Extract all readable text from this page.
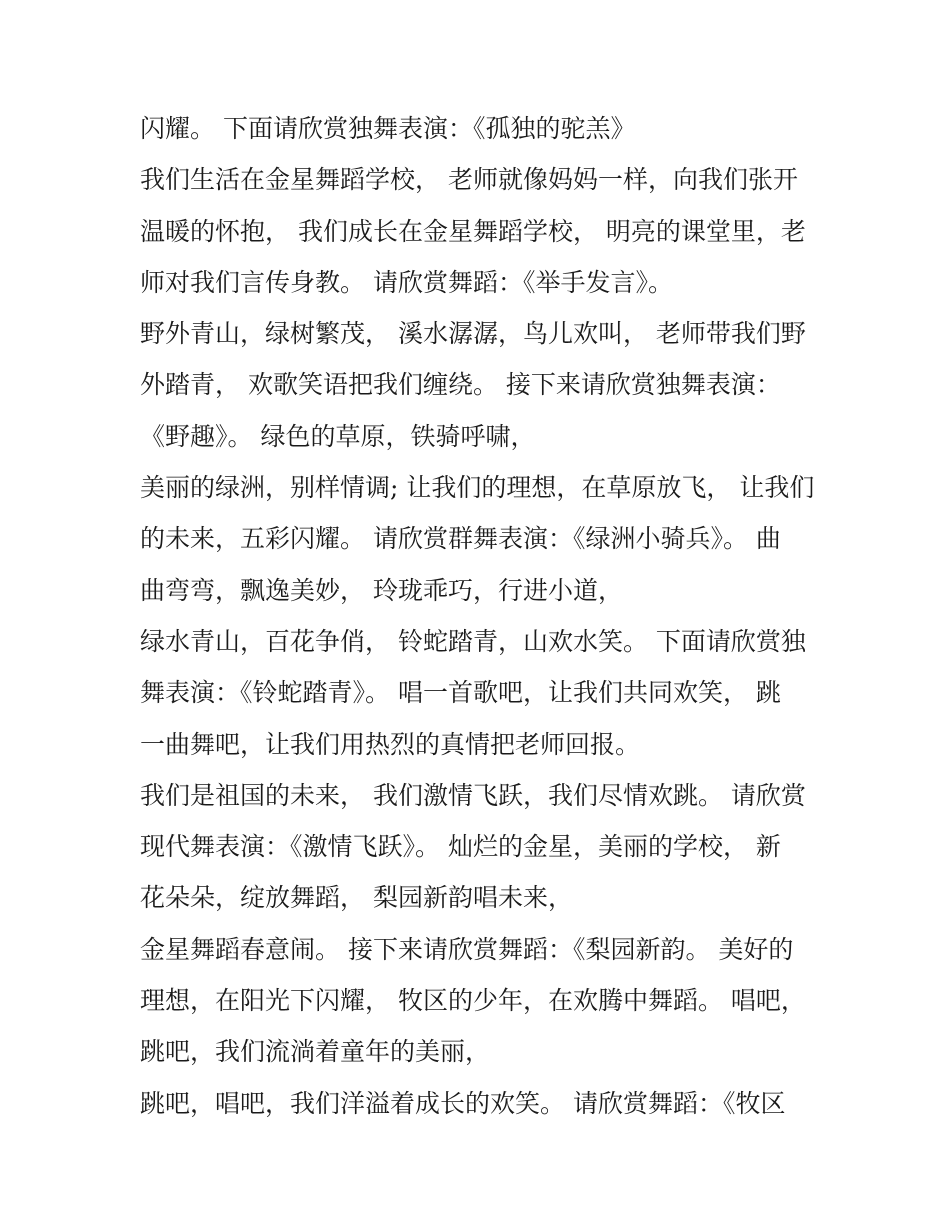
闪耀。 下面请欣赏独舞表演：《孤独的驼羔》
我们生活在金星舞蹈学校， 老师就像妈妈一样，向我们张开
温暖的怀抱， 我们成长在金星舞蹈学校， 明亮的课堂里，老
师对我们言传身教。 请欣赏舞蹈：《举手发言》。
野外青山，绿树繁茂， 溪水潺潺，鸟儿欢叫， 老师带我们野
外踏青， 欢歌笑语把我们缠绕。 接下来请欣赏独舞表演：
《野趣》。 绿色的草原，铁骑呼啸，
美丽的绿洲，别样情调; 让我们的理想，在草原放飞， 让我们
的未来，五彩闪耀。 请欣赏群舞表演：《绿洲小骑兵》。 曲
曲弯弯，飘逸美妙， 玲珑乖巧，行进小道，
绿水青山，百花争俏， 铃蛇踏青，山欢水笑。 下面请欣赏独
舞表演：《铃蛇踏青》。 唱一首歌吧，让我们共同欢笑， 跳
一曲舞吧，让我们用热烈的真情把老师回报。
我们是祖国的未来， 我们激情飞跃，我们尽情欢跳。 请欣赏
现代舞表演：《激情飞跃》。 灿烂的金星，美丽的学校， 新
花朵朵，绽放舞蹈， 梨园新韵唱未来，
金星舞蹈春意闹。 接下来请欣赏舞蹈：《梨园新韵。 美好的
理想，在阳光下闪耀， 牧区的少年，在欢腾中舞蹈。 唱吧，
跳吧，我们流淌着童年的美丽，
跳吧，唱吧，我们洋溢着成长的欢笑。 请欣赏舞蹈：《牧区
